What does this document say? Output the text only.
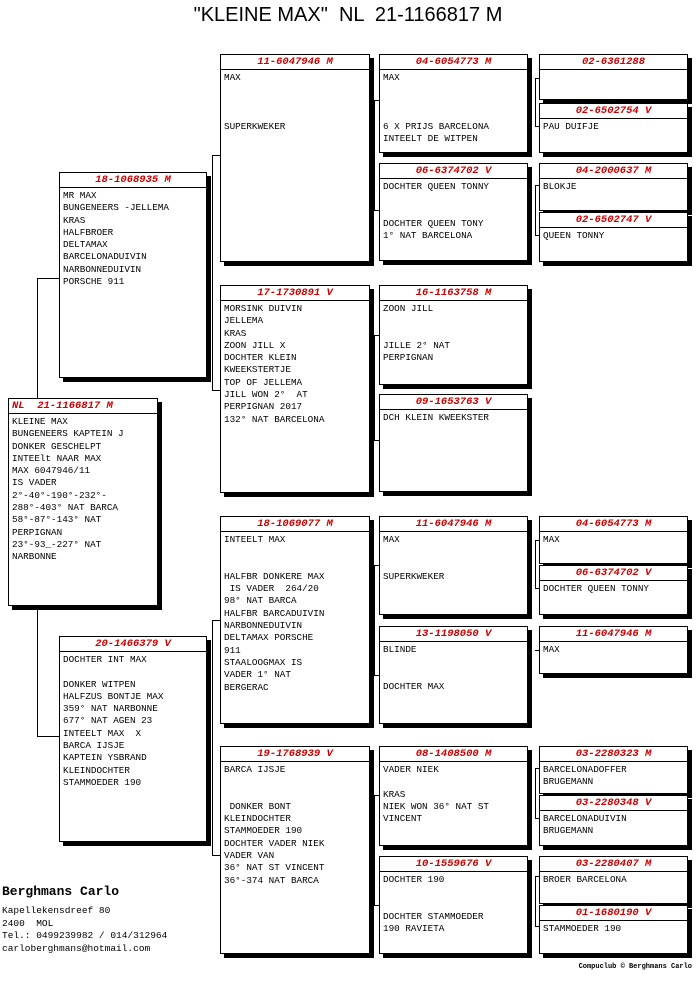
"KLEINE MAX"  NL  21-1166817 M
NL  21-1166817 M
KLEINE MAX
BUNGENEERS KAPTEIN J
DONKER GESCHELPT
INTEElt NAAR MAX
MAX 6047946/11
IS VADER
2°-40°-190°-232°-
288°-403° NAT BARCA
58°-87°-143° NAT
PERPIGNAN
23°-93_-227° NAT
NARBONNE
18-1068935 M
MR MAX
BUNGENEERS -JELLEMA
KRAS
HALFBROER
DELTAMAX
BARCELONADUIVIN
NARBONNEDUIVIN
PORSCHE 911
20-1466379 V
DOCHTER INT MAX

DONKER WITPEN
HALFZUS BONTJE MAX
359° NAT NARBONNE
677° NAT AGEN 23
INTEELT MAX  X
BARCA IJSJE
KAPTEIN YSBRAND
KLEINDOCHTER
STAMMOEDER 190
11-6047946 M
MAX

SUPERKWEKER
17-1730891 V
MORSINK DUIVIN
JELLEMA
KRAS
ZOON JILL X
DOCHTER KLEIN
KWEEKSTERTJE
TOP OF JELLEMA
JILL WON 2°  AT
PERPIGNAN 2017
132° NAT BARCELONA
18-1069077 M
INTEELT MAX

HALFBR DONKERE MAX
IS VADER  264/20
98° NAT BARCA
HALFBR BARCADUIVIN
NARBONNEDUIVIN
DELTAMAX PORSCHE
911
STAALOOGMAX IS
VADER 1° NAT
BERGERAC
19-1768939 V
BARCA IJSJE

DONKER BONT
KLEINDOCHTER
STAMMOEDER 190
DOCHTER VADER NIEK
VADER VAN
36° NAT ST VINCENT
36°-374 NAT BARCA
04-6054773 M
MAX

6 X PRIJS BARCELONA
INTEELT DE WITPEN
06-6374702 V
DOCHTER QUEEN TONNY

DOCHTER QUEEN TONY
1° NAT BARCELONA
16-1163758 M
ZOON JILL

JILLE 2° NAT
PERPIGNAN
09-1653763 V
DCH KLEIN KWEEKSTER
11-6047946 M
MAX

SUPERKWEKER
13-1198050 V
BLINDE

DOCHTER MAX
08-1408500 M
VADER NIEK

KRAS
NIEK WON 36° NAT ST
VINCENT
10-1559676 V
DOCHTER 190

DOCHTER STAMMOEDER
190 RAVIETA
02-6361288
02-6502754 V
PAU DUIFJE
04-2000637 M
BLOKJE
02-6502747 V
QUEEN TONNY
04-6054773 M
MAX
06-6374702 V
DOCHTER QUEEN TONNY
11-6047946 M
MAX
03-2280323 M
BARCELONADOFFER
BRUGEMANN
03-2280348 V
BARCELONADUIVIN
BRUGEMANN
03-2280407 M
BROER BARCELONA
01-1680190 V
STAMMOEDER 190
Berghmans Carlo
Kapellekensdreef 80
2400  MOL
Tel.: 0499239982 / 014/312964
carloberghmans@hotmail.com
Compuclub © Berghmans Carlo
